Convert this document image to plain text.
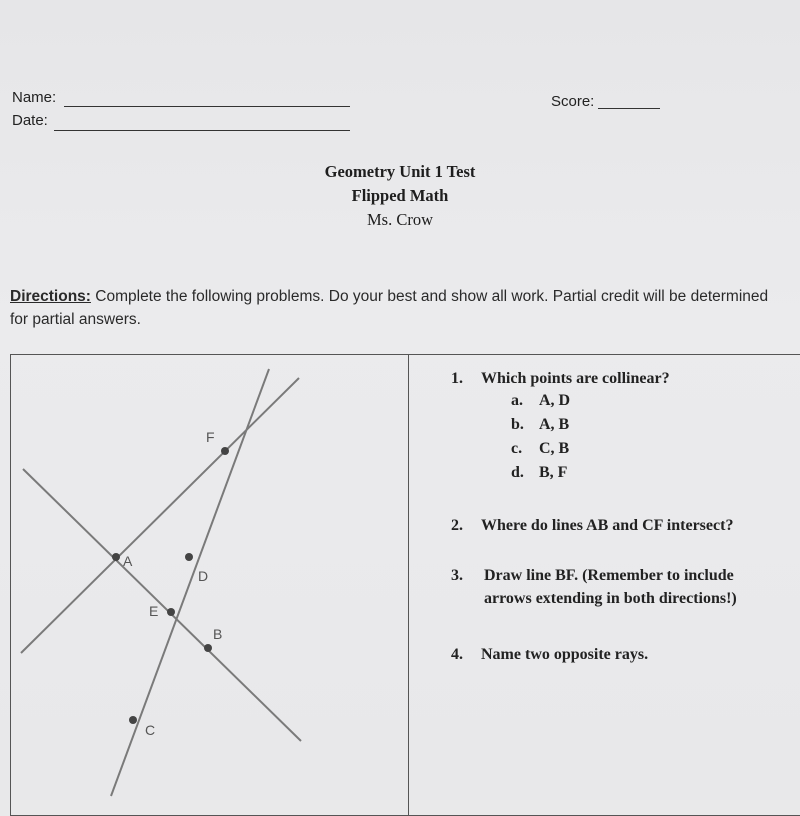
Name:
Date:
Score:
Geometry Unit 1 Test
Flipped Math
Ms. Crow
Directions: Complete the following problems. Do your best and show all work. Partial credit will be determined for partial answers.
A
D
E
B
F
C
1. Which points are collinear?
a. A, D
b. A, B
c. C, B
d. B, F
2. Where do lines AB and CF intersect?
3.	Draw line BF. (Remember to include arrows extending in both directions!)
4. Name two opposite rays.
